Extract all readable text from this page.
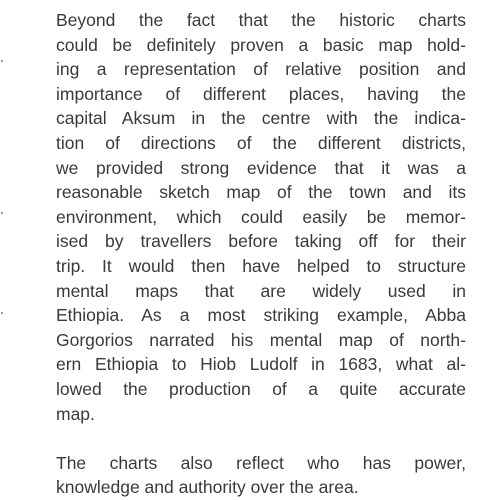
Beyond the fact that the historic charts
could be definitely proven a basic map hold-
ing a representation of relative position and
importance of different places, having the
capital Aksum in the centre with the indica-
tion of directions of the different districts,
we provided strong evidence that it was a
reasonable sketch map of the town and its
environment, which could easily be memor-
ised by travellers before taking off for their
trip. It would then have helped to structure
mental maps that are widely used in
Ethiopia. As a most striking example, Abba
Gorgorios narrated his mental map of north-
ern Ethiopia to Hiob Ludolf in 1683, what al-
lowed the production of a quite accurate
map.
The charts also reflect who has power,
knowledge and authority over the area.
